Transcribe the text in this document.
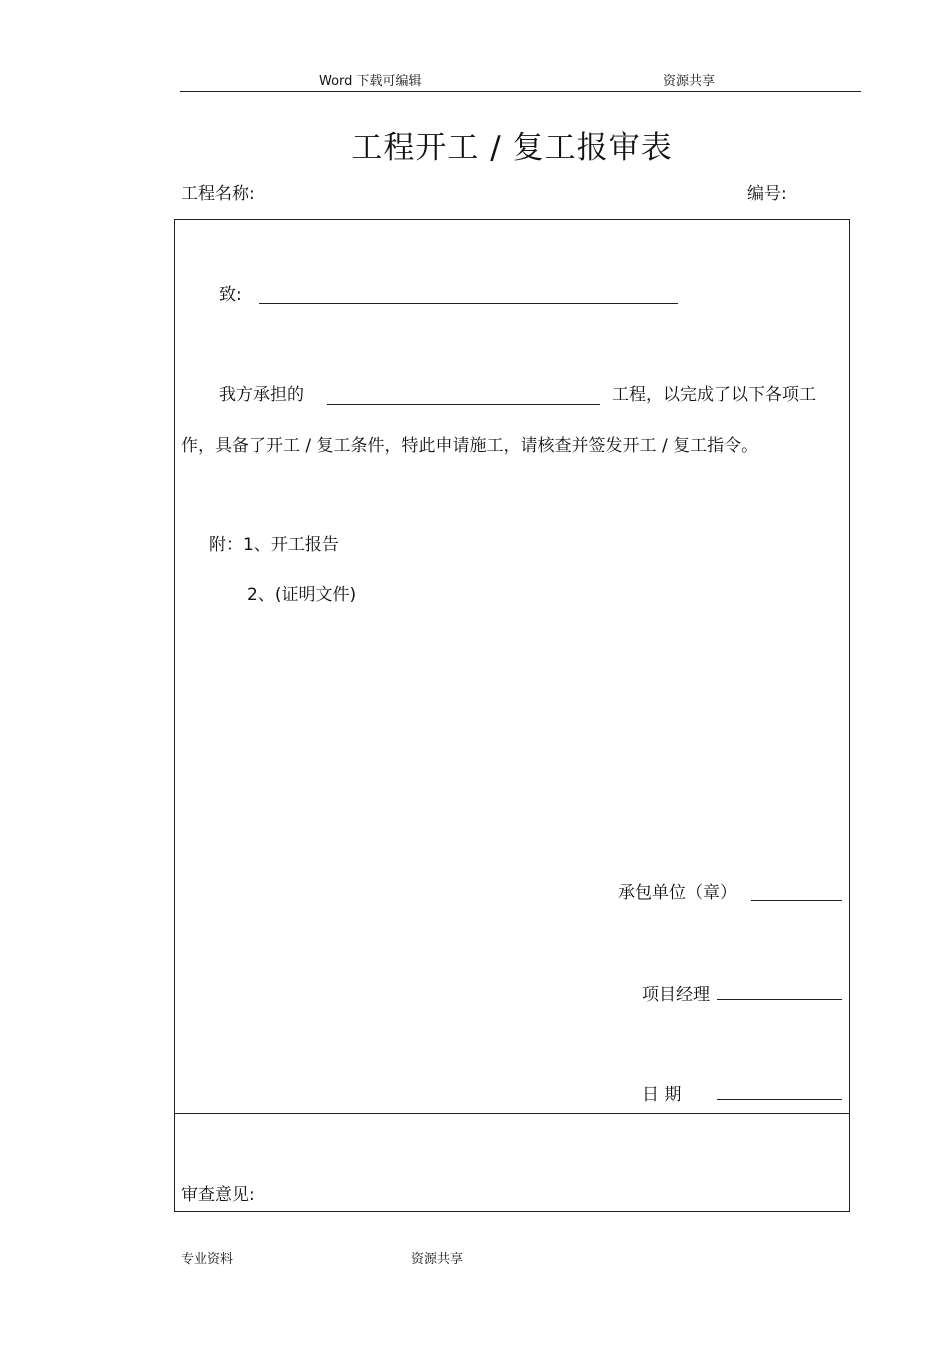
Word 下载可编辑	资源共享
工程开工 / 复工报审表
工程名称:	编号:
致:
我方承担的	工程，以完成了以下各项工
作，具备了开工 / 复工条件，特此申请施工，请核查并签发开工 / 复工指令。
附：1、开工报告
2、(证明文件)
承包单位（章）
项目经理
日 期
审查意见:
专业资料	资源共享
